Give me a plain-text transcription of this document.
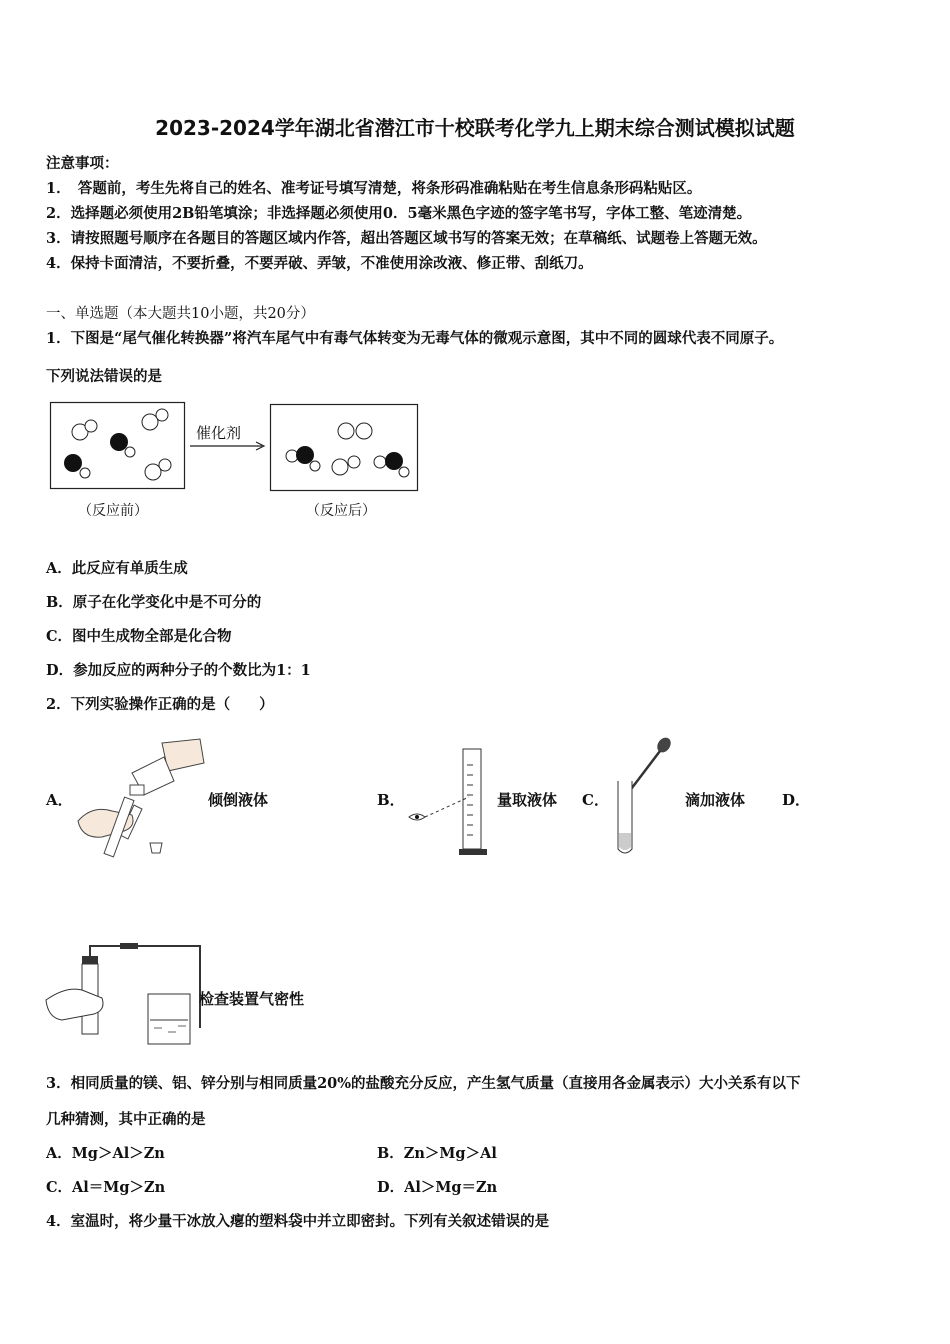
2023-2024学年湖北省潜江市十校联考化学九上期末综合测试模拟试题
注意事项：
1．　答题前，考生先将自己的姓名、准考证号填写清楚，将条形码准确粘贴在考生信息条形码粘贴区。
2．选择题必须使用2B铅笔填涂；非选择题必须使用0．5毫米黑色字迹的签字笔书写，字体工整、笔迹清楚。
3．请按照题号顺序在各题目的答题区域内作答，超出答题区域书写的答案无效；在草稿纸、试题卷上答题无效。
4．保持卡面清洁，不要折叠，不要弄破、弄皱，不准使用涂改液、修正带、刮纸刀。
一、单选题（本大题共10小题，共20分）
1．下图是“尾气催化转换器”将汽车尾气中有毒气体转变为无毒气体的微观示意图，其中不同的圆球代表不同原子。
下列说法错误的是
催化剂
（反应前）	（反应后）
A．此反应有单质生成
B．原子在化学变化中是不可分的
C．图中生成物全部是化合物
D．参加反应的两种分子的个数比为1：1
2．下列实验操作正确的是（　　）
A．	倾倒液体	B．	量取液体 C．	滴加液体 D．
检查装置气密性
3．相同质量的镁、铝、锌分别与相同质量20%的盐酸充分反应，产生氢气质量（直接用各金属表示）大小关系有以下
几种猜测，其中正确的是
A．Mg＞Al＞Zn	B．Zn＞Mg＞Al
C．Al＝Mg＞Zn	D．Al＞Mg＝Zn
4．室温时，将少量干冰放入瘪的塑料袋中并立即密封。下列有关叙述错误的是
